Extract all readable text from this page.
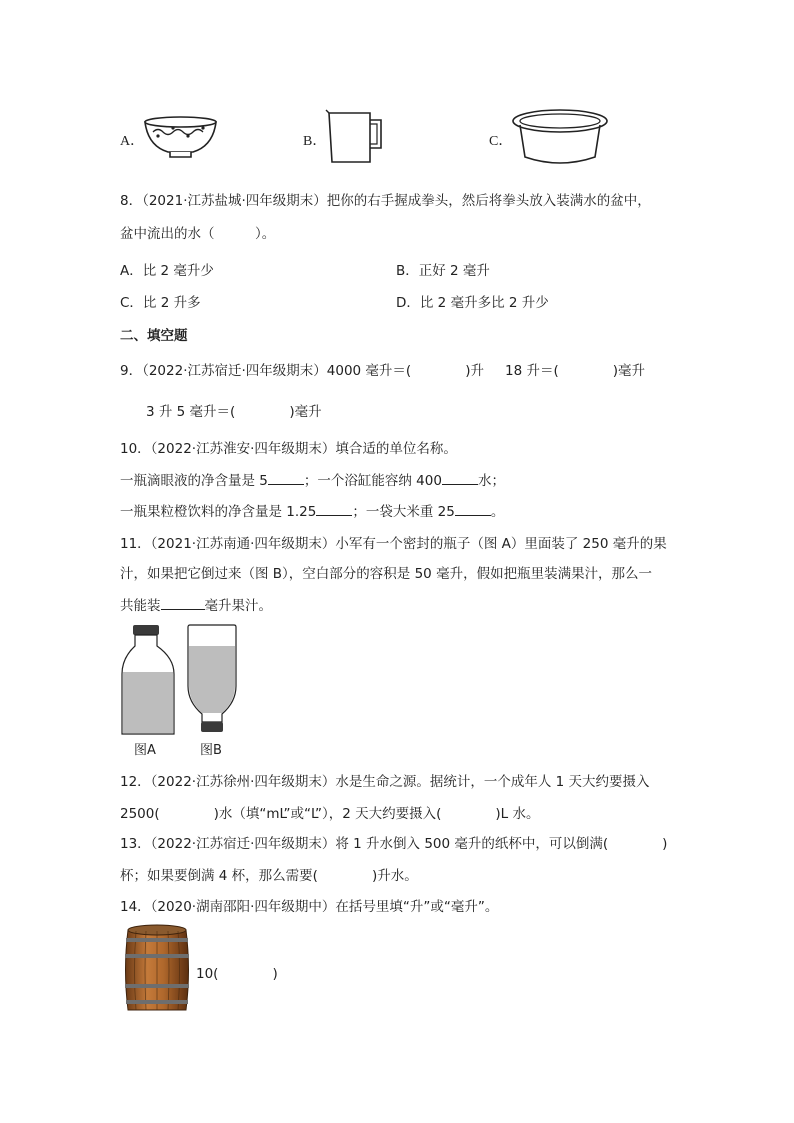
A．	B．	C．
8．（2021·江苏盐城·四年级期末）把你的右手握成拳头，然后将拳头放入装满水的盆中，
盆中流出的水（　　　）。
A．比 2 毫升少	B．正好 2 毫升
C．比 2 升多	D．比 2 毫升多比 2 升少
二、填空题
9．（2022·江苏宿迁·四年级期末）4000 毫升＝(　　　　)升 18 升＝(　　　　)毫升
3 升 5 毫升＝(　　　　)毫升
10．（2022·江苏淮安·四年级期末）填合适的单位名称。
一瓶滴眼液的净含量是 5	；一个浴缸能容纳 400	水；
一瓶果粒橙饮料的净含量是 1.25	；一袋大米重 25	。
11．（2021·江苏南通·四年级期末）小军有一个密封的瓶子（图 A）里面装了 250 毫升的果
汁，如果把它倒过来（图 B），空白部分的容积是 50 毫升，假如把瓶里装满果汁，那么一
共能装	毫升果汁。
图A	图B
12．（2022·江苏徐州·四年级期末）水是生命之源。据统计，一个成年人 1 天大约要摄入
2500(　　　　)水（填“mL”或“L”），2 天大约要摄入(　　　　)L 水。
13．（2022·江苏宿迁·四年级期末）将 1 升水倒入 500 毫升的纸杯中，可以倒满(　　　　)
杯；如果要倒满 4 杯，那么需要(　　　　)升水。
14．（2020·湖南邵阳·四年级期中）在括号里填“升”或“毫升”。
10(　　　　)
